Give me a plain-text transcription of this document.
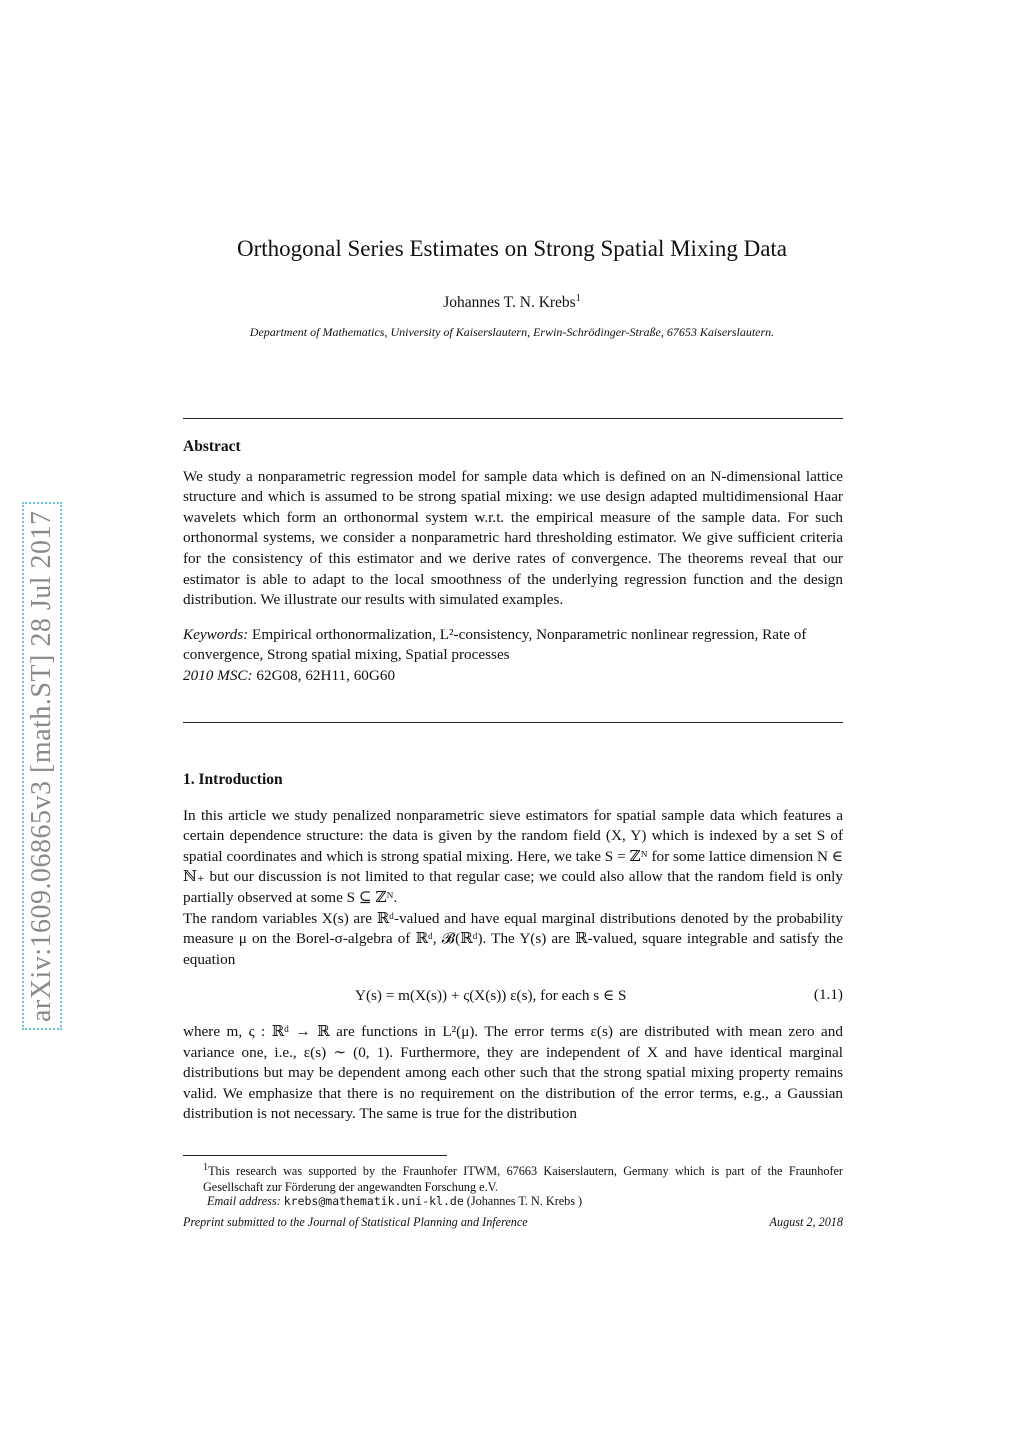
arXiv:1609.06865v3 [math.ST] 28 Jul 2017
Orthogonal Series Estimates on Strong Spatial Mixing Data
Johannes T. N. Krebs$^1$
Department of Mathematics, University of Kaiserslautern, Erwin-Schrödinger-Straße, 67653 Kaiserslautern.
Abstract

We study a nonparametric regression model for sample data which is defined on an N-dimensional lattice structure and which is assumed to be strong spatial mixing: we use design adapted multidimensional Haar wavelets which form an orthonormal system w.r.t. the empirical measure of the sample data. For such orthonormal systems, we consider a nonparametric hard thresholding estimator. We give sufficient criteria for the consistency of this estimator and we derive rates of convergence. The theorems reveal that our estimator is able to adapt to the local smoothness of the underlying regression function and the design distribution. We illustrate our results with simulated examples.

Keywords: Empirical orthonormalization, L²-consistency, Nonparametric nonlinear regression, Rate of convergence, Strong spatial mixing, Spatial processes

2010 MSC: 62G08, 62H11, 60G60

1. Introduction

In this article we study penalized nonparametric sieve estimators for spatial sample data which features a certain dependence structure: the data is given by the random field (X, Y) which is indexed by a set S of spatial coordinates and which is strong spatial mixing. Here, we take S = ℤᴺ for some lattice dimension N ∈ ℕ₊ but our discussion is not limited to that regular case; we could also allow that the random field is only partially observed at some S ⊆ ℤᴺ.

The random variables X(s) are ℝᵈ-valued and have equal marginal distributions denoted by the probability measure μ on the Borel-σ-algebra of ℝᵈ, 𝓑(ℝᵈ). The Y(s) are ℝ-valued, square integrable and satisfy the equation

Y(s) = m(X(s)) + ς(X(s)) ε(s), for each s ∈ S	(1.1)

where m, ς : ℝᵈ → ℝ are functions in L²(μ). The error terms ε(s) are distributed with mean zero and variance one, i.e., ε(s) ∼ (0, 1). Furthermore, they are independent of X and have identical marginal distributions but may be dependent among each other such that the strong spatial mixing property remains valid. We emphasize that there is no requirement on the distribution of the error terms, e.g., a Gaussian distribution is not necessary. The same is true for the distribution

$^1$This research was supported by the Fraunhofer ITWM, 67663 Kaiserslautern, Germany which is part of the Fraunhofer Gesellschaft zur Förderung der angewandten Forschung e.V.
Email address: krebs@mathematik.uni-kl.de (Johannes T. N. Krebs )
Preprint submitted to the Journal of Statistical Planning and Inference	August 2, 2018
